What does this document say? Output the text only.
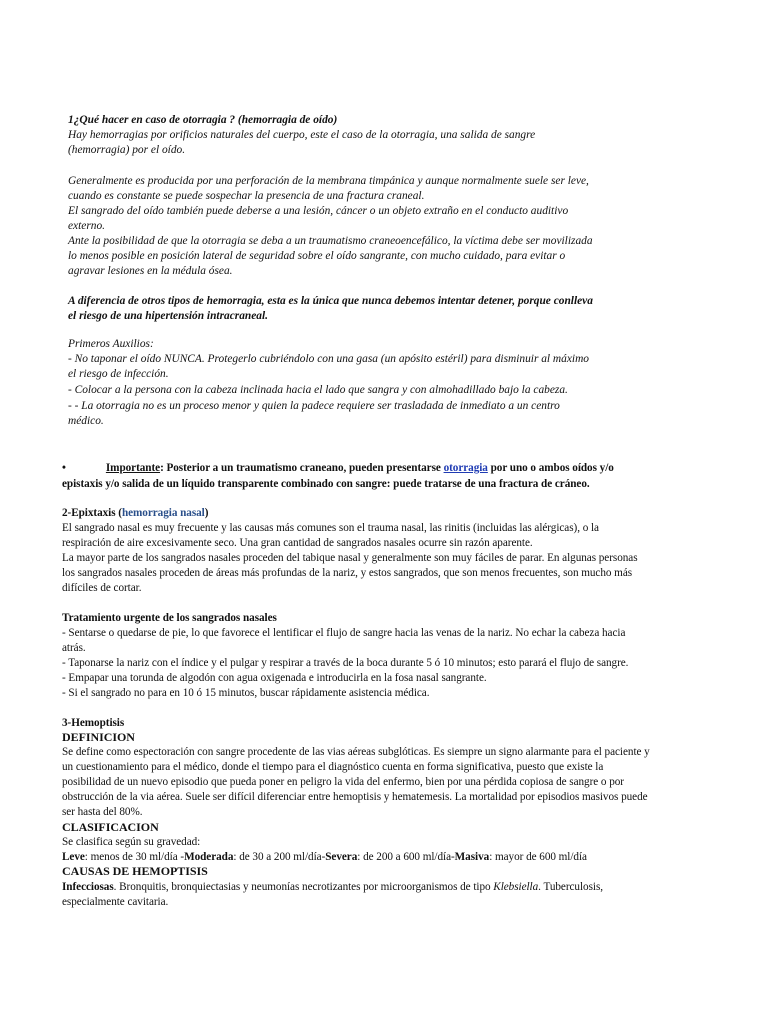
1¿Qué hacer en caso de otorragia ? (hemorragia de oído)
Hay hemorragias por orificios naturales del cuerpo, este el caso de la otorragia, una salida de sangre
(hemorragia) por el oído.
Generalmente es producida por una perforación de la membrana timpánica y aunque normalmente suele ser leve,
cuando es constante se puede sospechar la presencia de una fractura craneal.
El sangrado del oído también puede deberse a una lesión, cáncer o un objeto extraño en el conducto auditivo
externo.
Ante la posibilidad de que la otorragia se deba a un traumatismo craneoencefálico, la víctima debe ser movilizada
lo menos posible en posición lateral de seguridad sobre el oído sangrante, con mucho cuidado, para evitar o
agravar lesiones en la médula ósea.
A diferencia de otros tipos de hemorragia, esta es la única que nunca debemos intentar detener, porque conlleva
el riesgo de una hipertensión intracraneal.
Primeros Auxilios:
- No taponar el oído NUNCA. Protegerlo cubriéndolo con una gasa (un apósito estéril) para disminuir al máximo
el riesgo de infección.
- Colocar a la persona con la cabeza inclinada hacia el lado que sangra y con almohadillado bajo la cabeza.
- - La otorragia no es un proceso menor y quien la padece requiere ser trasladada de inmediato a un centro
médico.
•	Importante: Posterior a un traumatismo craneano, pueden presentarse otorragia por uno o ambos oídos y/o
epistaxis y/o salida de un líquido transparente combinado con sangre: puede tratarse de una fractura de cráneo.
2-Epixtaxis (hemorragia nasal)
El sangrado nasal es muy frecuente y las causas más comunes son el trauma nasal, las rinitis (incluidas las alérgicas), o la
respiración de aire excesivamente seco. Una gran cantidad de sangrados nasales ocurre sin razón aparente.
La mayor parte de los sangrados nasales proceden del tabique nasal y generalmente son muy fáciles de parar. En algunas personas
los sangrados nasales proceden de áreas más profundas de la nariz, y estos sangrados, que son menos frecuentes, son mucho más
difíciles de cortar.
Tratamiento urgente de los sangrados nasales
- Sentarse o quedarse de pie, lo que favorece el lentificar el flujo de sangre hacia las venas de la nariz. No echar la cabeza hacia
atrás.
- Taponarse la nariz con el índice y el pulgar y respirar a través de la boca durante 5 ó 10 minutos; esto parará el flujo de sangre.
- Empapar una torunda de algodón con agua oxigenada e introducirla en la fosa nasal sangrante.
- Si el sangrado no para en 10 ó 15 minutos, buscar rápidamente asistencia médica.
3-Hemoptisis
DEFINICION
Se define como espectoración con sangre procedente de las vias aéreas subglóticas. Es siempre un signo alarmante para el paciente y
un cuestionamiento para el médico, donde el tiempo para el diagnóstico cuenta en forma significativa, puesto que existe la
posibilidad de un nuevo episodio que pueda poner en peligro la vida del enfermo, bien por una pérdida copiosa de sangre o por
obstrucción de la via aérea. Suele ser difícil diferenciar entre hemoptisis y hematemesis. La mortalidad por episodios masivos puede
ser hasta del 80%.
CLASIFICACION
Se clasifica según su gravedad:
Leve: menos de 30 ml/día -Moderada: de 30 a 200 ml/día-Severa: de 200 a 600 ml/día-Masiva: mayor de 600 ml/día
CAUSAS DE HEMOPTISIS
Infecciosas. Bronquitis, bronquiectasias y neumonías necrotizantes por microorganismos de tipo Klebsiella. Tuberculosis,
especialmente cavitaria.
